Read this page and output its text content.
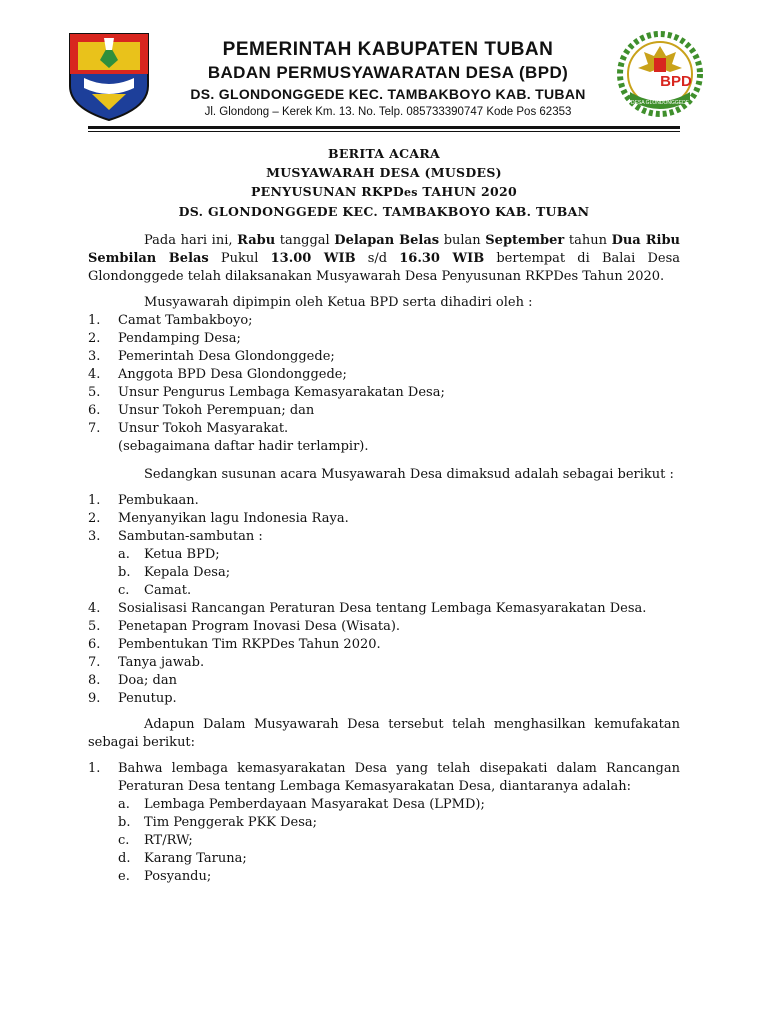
PEMERINTAH KABUPATEN TUBAN
BADAN PERMUSYAWARATAN DESA (BPD)
DS. GLONDONGGEDE KEC. TAMBAKBOYO KAB. TUBAN
Jl. Glondong – Kerek Km. 13. No. Telp. 085733390747 Kode Pos 62353
BPD
DESA GLONDONGGEDE
BERITA ACARA
MUSYAWARAH DESA (MUSDES)
PENYUSUNAN RKPDes TAHUN 2020
DS. GLONDONGGEDE KEC. TAMBAKBOYO KAB. TUBAN

Pada hari ini, Rabu tanggal Delapan Belas bulan September tahun Dua Ribu Sembilan Belas Pukul 13.00 WIB s/d 16.30 WIB bertempat di Balai Desa Glondonggede telah dilaksanakan Musyawarah Desa Penyusunan RKPDes Tahun 2020.

Musyawarah dipimpin oleh Ketua BPD serta dihadiri oleh :

1. Camat Tambakboyo;
2. Pendamping Desa;
3. Pemerintah Desa Glondonggede;
4. Anggota BPD Desa Glondonggede;
5. Unsur Pengurus Lembaga Kemasyarakatan Desa;
6. Unsur Tokoh Perempuan; dan
7. Unsur Tokoh Masyarakat.
(sebagaimana daftar hadir terlampir).

Sedangkan susunan acara Musyawarah Desa dimaksud adalah sebagai berikut :

1. Pembukaan.
2. Menyanyikan lagu Indonesia Raya.
3. Sambutan-sambutan :
a. Ketua BPD;
b. Kepala Desa;
c. Camat.
4. Sosialisasi Rancangan Peraturan Desa tentang Lembaga Kemasyarakatan Desa.
5. Penetapan Program Inovasi Desa (Wisata).
6. Pembentukan Tim RKPDes Tahun 2020.
7. Tanya jawab.
8. Doa; dan
9. Penutup.

Adapun Dalam Musyawarah Desa tersebut telah menghasilkan kemufakatan sebagai berikut:

1. Bahwa lembaga kemasyarakatan Desa yang telah disepakati dalam Rancangan Peraturan Desa tentang Lembaga Kemasyarakatan Desa, diantaranya adalah:
a. Lembaga Pemberdayaan Masyarakat Desa (LPMD);
b. Tim Penggerak PKK Desa;
c. RT/RW;
d. Karang Taruna;
e. Posyandu;
